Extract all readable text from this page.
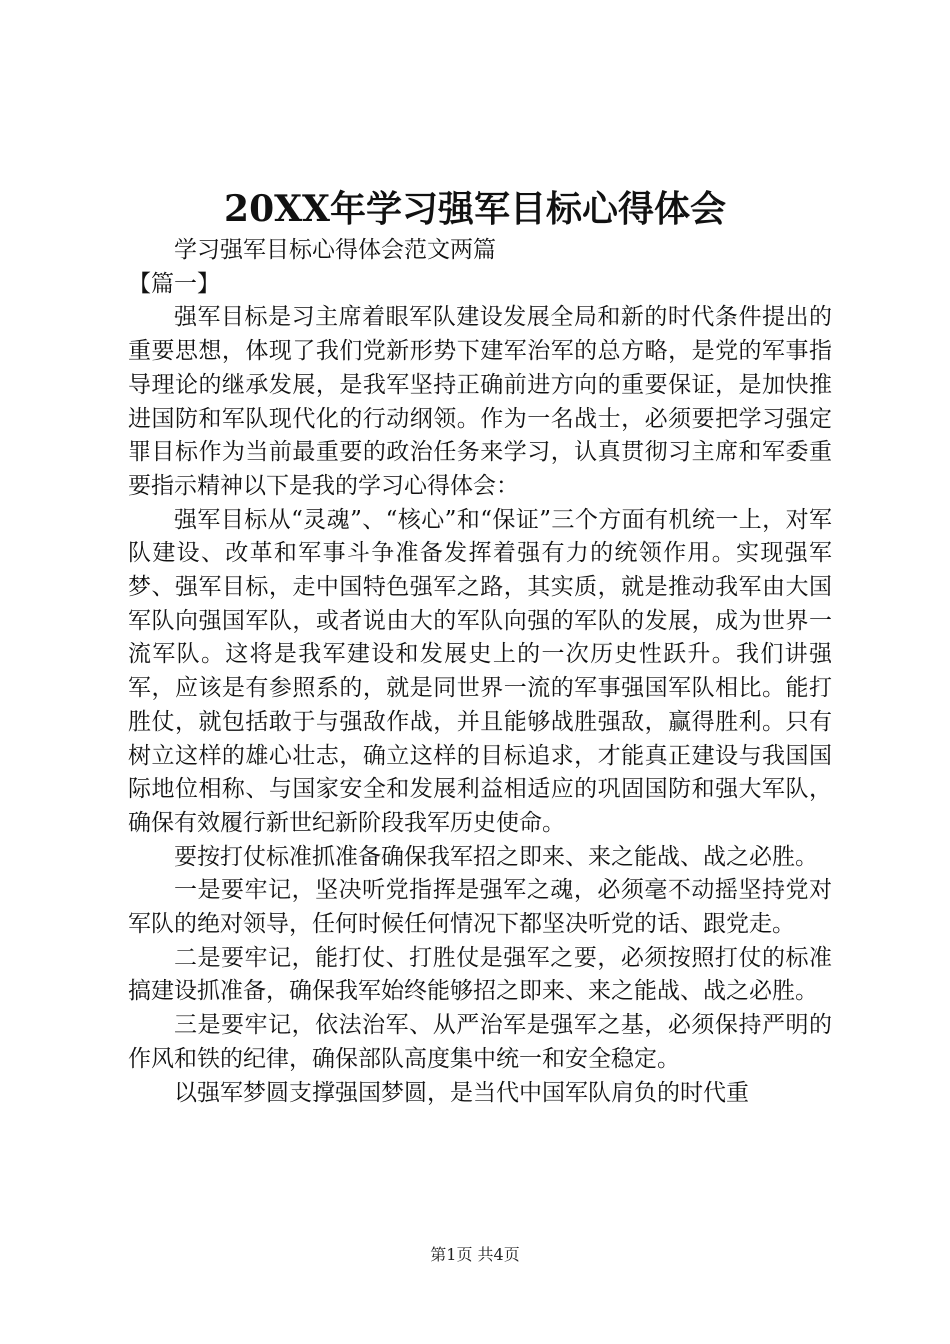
20XX年学习强军目标心得体会

学习强军目标心得体会范文两篇

【篇一】

强军目标是习主席着眼军队建设发展全局和新的时代条件提出的重要思想，体现了我们党新形势下建军治军的总方略，是党的军事指导理论的继承发展，是我军坚持正确前进方向的重要保证，是加快推进国防和军队现代化的行动纲领。作为一名战士，必须要把学习强定罪目标作为当前最重要的政治任务来学习，认真贯彻习主席和军委重要指示精神以下是我的学习心得体会：

强军目标从“灵魂”、“核心”和“保证”三个方面有机统一上，对军队建设、改革和军事斗争准备发挥着强有力的统领作用。实现强军梦、强军目标，走中国特色强军之路，其实质，就是推动我军由大国军队向强国军队，或者说由大的军队向强的军队的发展，成为世界一流军队。这将是我军建设和发展史上的一次历史性跃升。我们讲强军，应该是有参照系的，就是同世界一流的军事强国军队相比。能打胜仗，就包括敢于与强敌作战，并且能够战胜强敌，赢得胜利。只有树立这样的雄心壮志，确立这样的目标追求，才能真正建设与我国国际地位相称、与国家安全和发展利益相适应的巩固国防和强大军队，确保有效履行新世纪新阶段我军历史使命。

要按打仗标准抓准备确保我军招之即来、来之能战、战之必胜。

一是要牢记，坚决听党指挥是强军之魂，必须毫不动摇坚持党对军队的绝对领导，任何时候任何情况下都坚决听党的话、跟党走。

二是要牢记，能打仗、打胜仗是强军之要，必须按照打仗的标准搞建设抓准备，确保我军始终能够招之即来、来之能战、战之必胜。

三是要牢记，依法治军、从严治军是强军之基，必须保持严明的作风和铁的纪律，确保部队高度集中统一和安全稳定。

以强军梦圆支撑强国梦圆，是当代中国军队肩负的时代重

第1页 共4页
